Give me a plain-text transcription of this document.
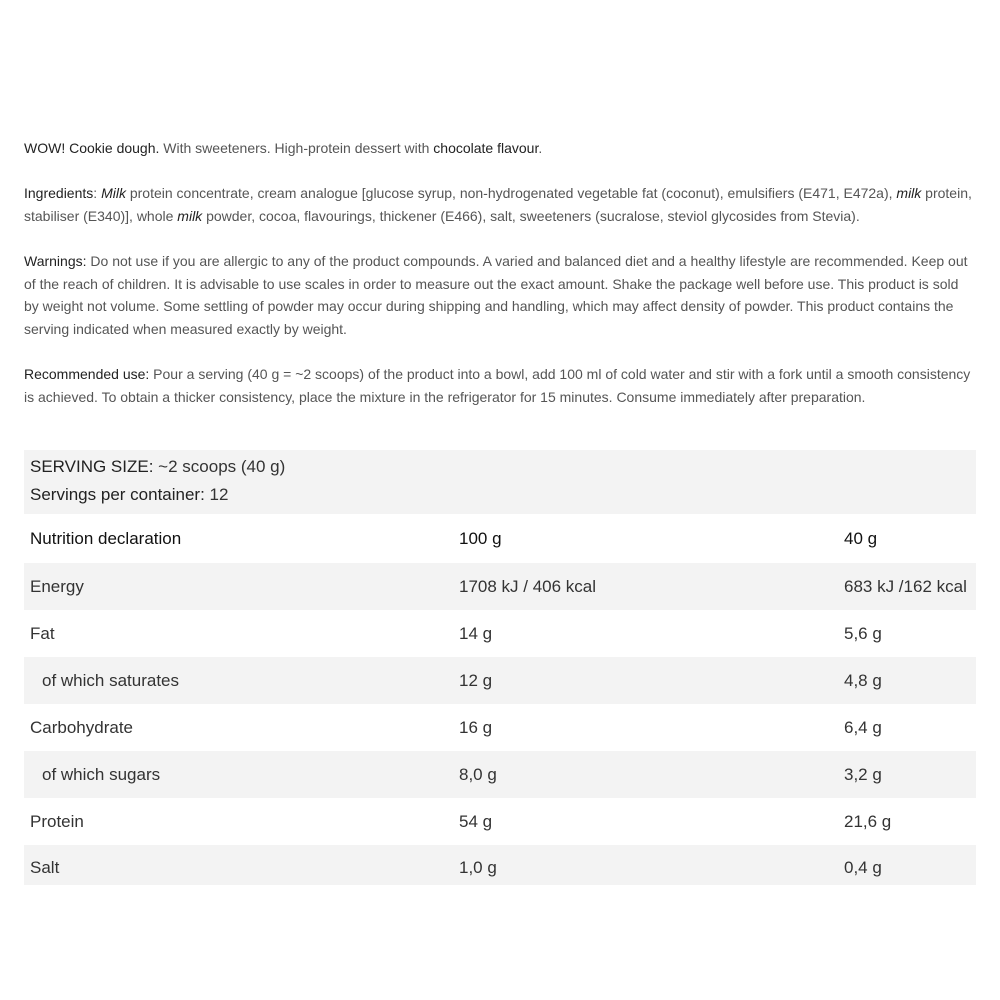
WOW! Cookie dough. With sweeteners. High-protein dessert with chocolate flavour.
Ingredients: Milk protein concentrate, cream analogue [glucose syrup, non-hydrogenated vegetable fat (coconut), emulsifiers (E471, E472a), milk protein, stabiliser (E340)], whole milk powder, cocoa, flavourings, thickener (E466), salt, sweeteners (sucralose, steviol glycosides from Stevia).
Warnings: Do not use if you are allergic to any of the product compounds. A varied and balanced diet and a healthy lifestyle are recommended. Keep out of the reach of children. It is advisable to use scales in order to measure out the exact amount. Shake the package well before use. This product is sold by weight not volume. Some settling of powder may occur during shipping and handling, which may affect density of powder. This product contains the serving indicated when measured exactly by weight.
Recommended use: Pour a serving (40 g = ~2 scoops) of the product into a bowl, add 100 ml of cold water and stir with a fork until a smooth consistency is achieved. To obtain a thicker consistency, place the mixture in the refrigerator for 15 minutes. Consume immediately after preparation.
SERVING SIZE: ~2 scoops (40 g)
Servings per container: 12
Nutrition declaration	100 g	40 g
Energy	1708 kJ / 406 kcal	683 kJ /162 kcal
Fat	14 g	5,6 g
of which saturates	12 g	4,8 g
Carbohydrate	16 g	6,4 g
of which sugars	8,0 g	3,2 g
Protein	54 g	21,6 g
Salt	1,0 g	0,4 g
